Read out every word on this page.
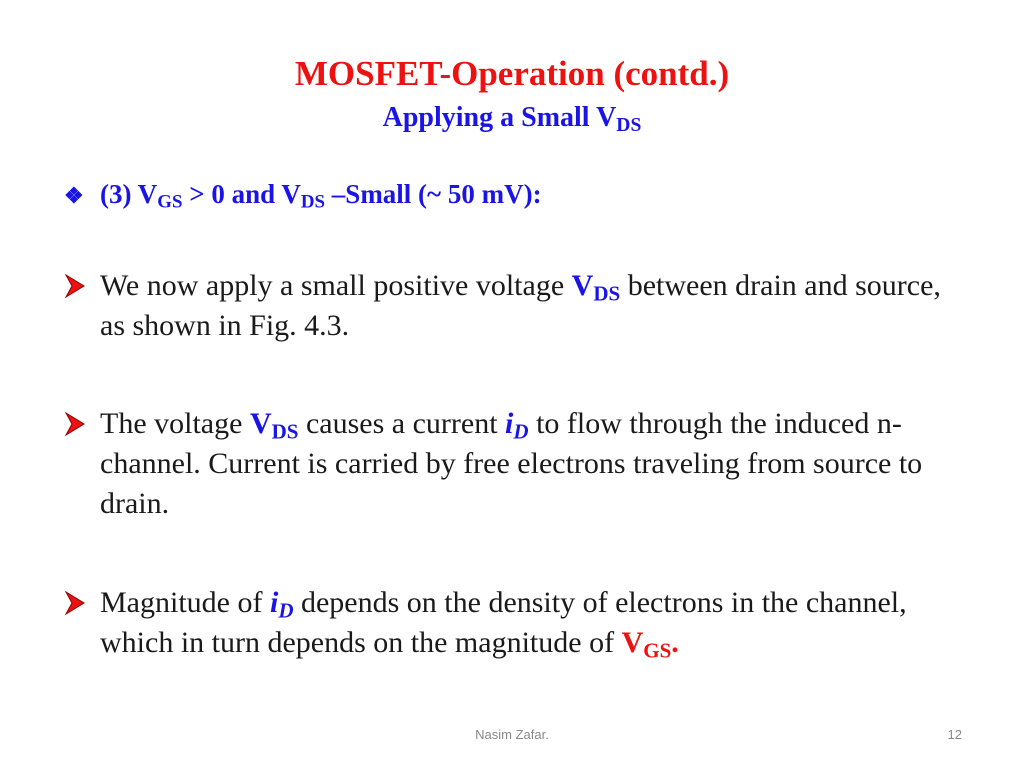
MOSFET-Operation (contd.)
Applying a Small $V_{DS}$
❖ (3) $V_{GS} > 0$ and $V_{DS}$ –Small (~ 50 mV):
We now apply a small positive voltage $V_{DS}$ between drain and source, as shown in Fig. 4.3.
The voltage $V_{DS}$ causes a current $i_D$ to flow through the induced n-channel. Current is carried by free electrons traveling from source to drain.
Magnitude of $i_D$ depends on the density of electrons in the channel, which in turn depends on the magnitude of $V_{GS}$.
Nasim Zafar.	12
